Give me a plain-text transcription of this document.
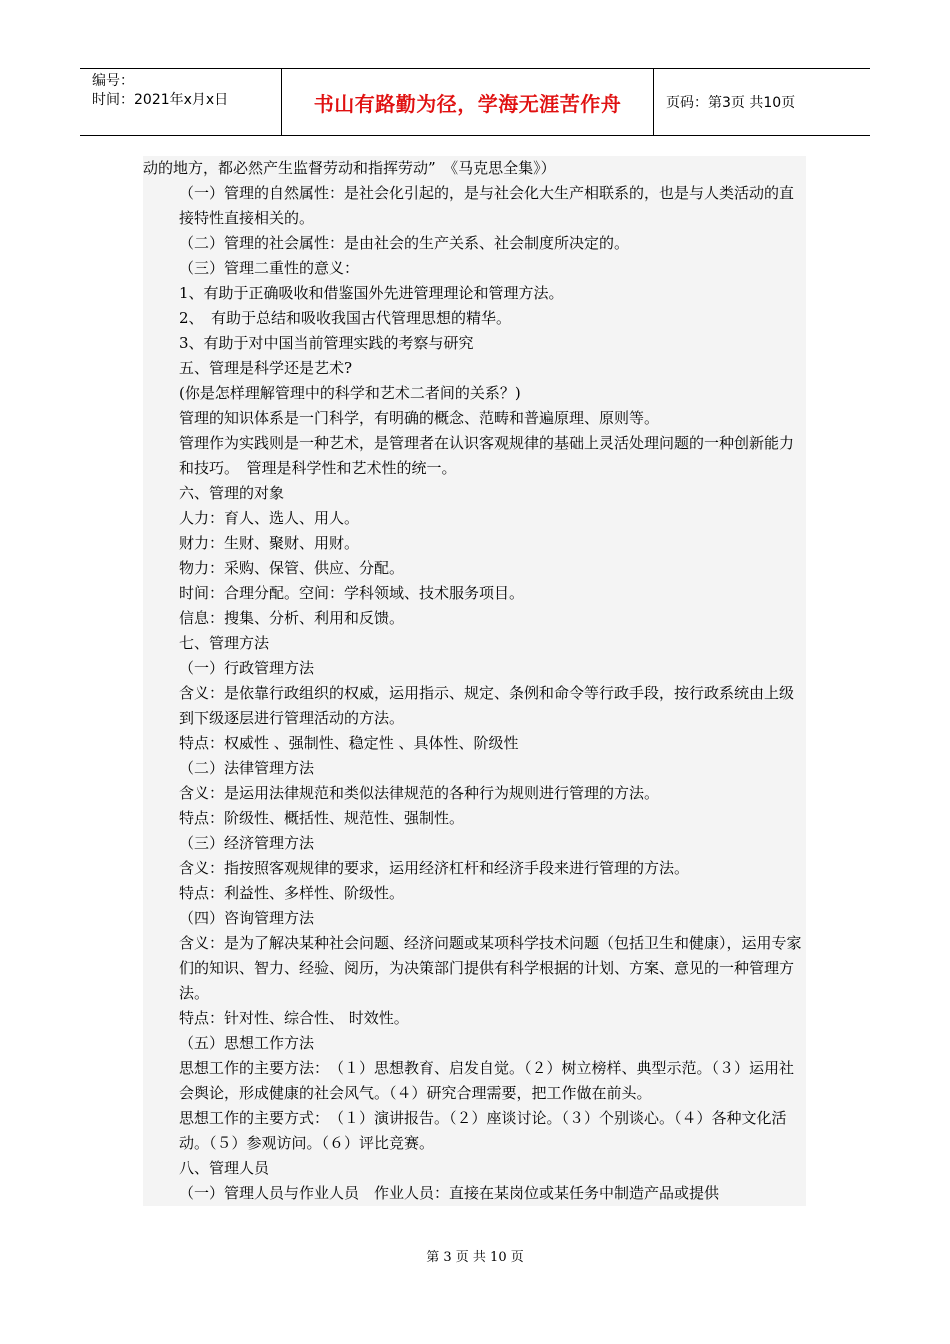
编号：
时间：2021年x月x日	书山有路勤为径，学海无涯苦作舟	页码：第3页 共10页

动的地方，都必然产生监督劳动和指挥劳动”　《马克思全集》）

（一）管理的自然属性：是社会化引起的，是与社会化大生产相联系的，也是与人类活动的直接特性直接相关的。

（二）管理的社会属性：是由社会的生产关系、社会制度所决定的。

（三）管理二重性的意义：

1、有助于正确吸收和借鉴国外先进管理理论和管理方法。

2、　有助于总结和吸收我国古代管理思想的精华。

3、有助于对中国当前管理实践的考察与研究

五、管理是科学还是艺术?

(你是怎样理解管理中的科学和艺术二者间的关系？)

管理的知识体系是一门科学，有明确的概念、范畴和普遍原理、原则等。

管理作为实践则是一种艺术，是管理者在认识客观规律的基础上灵活处理问题的一种创新能力和技巧。　管理是科学性和艺术性的统一。

六、管理的对象

人力：育人、选人、用人。

财力：生财、聚财、用财。

物力：采购、保管、供应、分配。

时间：合理分配。空间：学科领域、技术服务项目。

信息：搜集、分析、利用和反馈。

七、管理方法

（一）行政管理方法

含义：是依靠行政组织的权威，运用指示、规定、条例和命令等行政手段，按行政系统由上级到下级逐层进行管理活动的方法。

特点：权威性 、强制性、稳定性 、具体性、阶级性

（二）法律管理方法

含义：是运用法律规范和类似法律规范的各种行为规则进行管理的方法。

特点：阶级性、概括性、规范性、强制性。

（三）经济管理方法

含义：指按照客观规律的要求，运用经济杠杆和经济手段来进行管理的方法。

特点：利益性、多样性、阶级性。

（四）咨询管理方法

含义：是为了解决某种社会问题、经济问题或某项科学技术问题（包括卫生和健康），运用专家们的知识、智力、经验、阅历，为决策部门提供有科学根据的计划、方案、意见的一种管理方法。

特点：针对性、综合性、 时效性。

（五）思想工作方法

思想工作的主要方法：　（１）思想教育、启发自觉。（２）树立榜样、典型示范。（３）运用社会舆论，形成健康的社会风气。（４）研究合理需要，把工作做在前头。

思想工作的主要方式：　（１）演讲报告。（２）座谈讨论。（３）个别谈心。（４）各种文化活动。（５）参观访问。（６）评比竞赛。

八、管理人员

（一）管理人员与作业人员　作业人员：直接在某岗位或某任务中制造产品或提供

第 3 页 共 10 页
